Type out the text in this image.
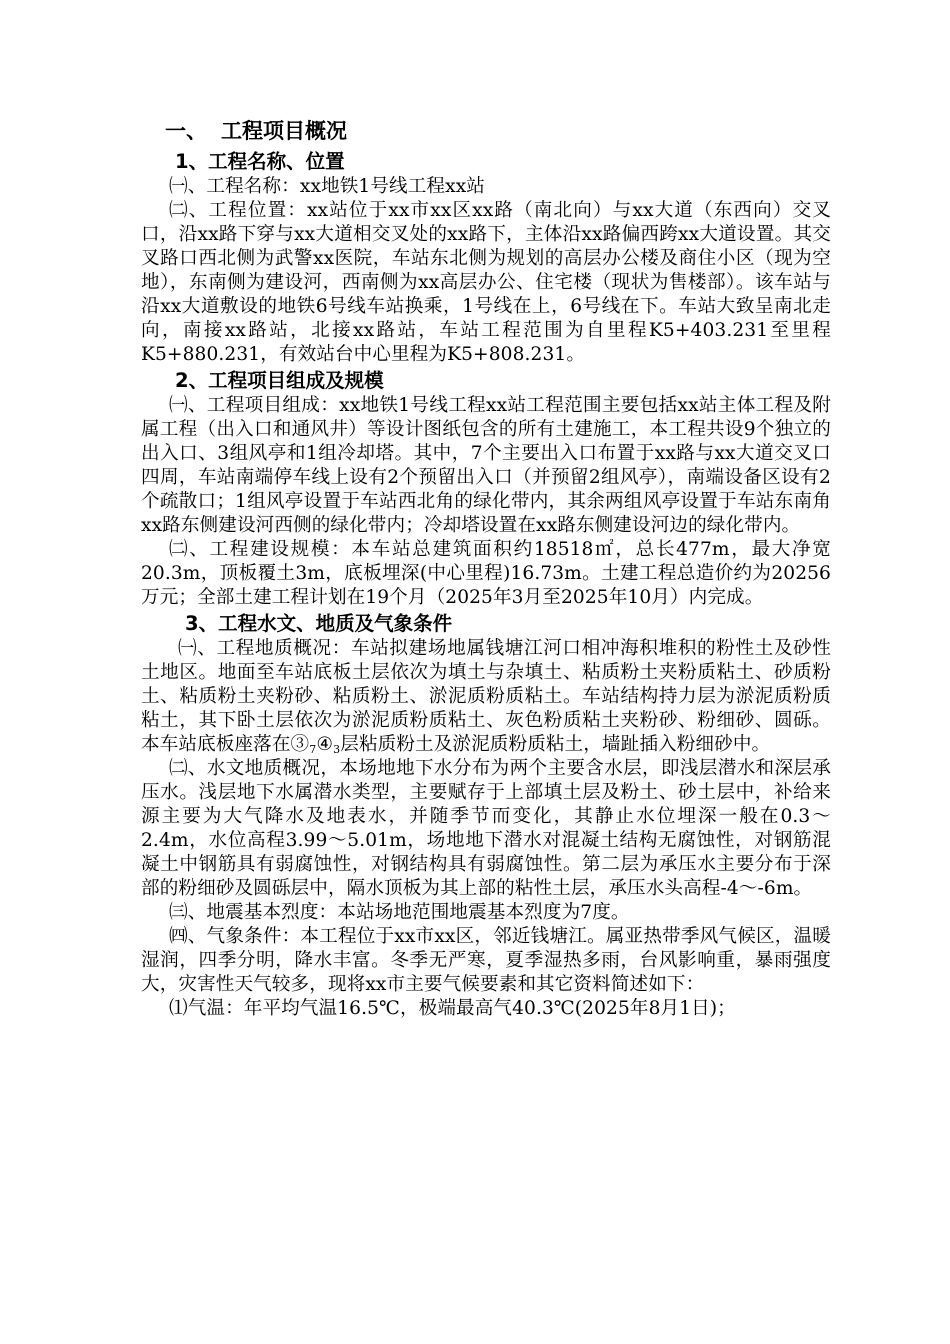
一、 工程项目概况
1、工程名称、位置

㈠、工程名称：xx地铁1号线工程xx站

㈡、工程位置：xx站位于xx市xx区xx路（南北向）与xx大道（东西向）交叉口，沿xx路下穿与xx大道相交叉处的xx路下，主体沿xx路偏西跨xx大道设置。其交叉路口西北侧为武警xx医院，车站东北侧为规划的高层办公楼及商住小区（现为空地），东南侧为建设河，西南侧为xx高层办公、住宅楼（现状为售楼部）。该车站与沿xx大道敷设的地铁6号线车站换乘，1号线在上，6号线在下。车站大致呈南北走向，南接xx路站，北接xx路站，车站工程范围为自里程K5+403.231至里程K5+880.231，有效站台中心里程为K5+808.231。

2、工程项目组成及规模

㈠、工程项目组成：xx地铁1号线工程xx站工程范围主要包括xx站主体工程及附属工程（出入口和通风井）等设计图纸包含的所有土建施工，本工程共设9个独立的出入口、3组风亭和1组冷却塔。其中，7个主要出入口布置于xx路与xx大道交叉口四周，车站南端停车线上设有2个预留出入口（并预留2组风亭），南端设备区设有2个疏散口；1组风亭设置于车站西北角的绿化带内，其余两组风亭设置于车站东南角xx路东侧建设河西侧的绿化带内；冷却塔设置在xx路东侧建设河边的绿化带内。

㈡、工程建设规模：本车站总建筑面积约18518㎡，总长477m，最大净宽20.3m，顶板覆土3m，底板埋深(中心里程)16.73m。土建工程总造价约为20256万元；全部土建工程计划在19个月（2025年3月至2025年10月）内完成。

3、工程水文、地质及气象条件

㈠、工程地质概况：车站拟建场地属钱塘江河口相冲海积堆积的粉性土及砂性土地区。地面至车站底板土层依次为填土与杂填土、粘质粉土夹粉质粘土、砂质粉土、粘质粉土夹粉砂、粘质粉土、淤泥质粉质粘土。车站结构持力层为淤泥质粉质粘土，其下卧土层依次为淤泥质粉质粘土、灰色粉质粘土夹粉砂、粉细砂、圆砾。本车站底板座落在$③_7④_3$层粘质粉土及淤泥质粉质粘土，墙趾插入粉细砂中。

㈡、水文地质概况，本场地地下水分布为两个主要含水层，即浅层潜水和深层承压水。浅层地下水属潜水类型，主要赋存于上部填土层及粉土、砂土层中，补给来源主要为大气降水及地表水，并随季节而变化，其静止水位埋深一般在0.3～2.4m，水位高程3.99～5.01m，场地地下潜水对混凝土结构无腐蚀性，对钢筋混凝土中钢筋具有弱腐蚀性，对钢结构具有弱腐蚀性。第二层为承压水主要分布于深部的粉细砂及圆砾层中，隔水顶板为其上部的粘性土层，承压水头高程-4～-6m。

㈢、地震基本烈度：本站场地范围地震基本烈度为7度。

㈣、气象条件：本工程位于xx市xx区，邻近钱塘江。属亚热带季风气候区，温暖湿润，四季分明，降水丰富。冬季无严寒，夏季湿热多雨，台风影响重，暴雨强度大，灾害性天气较多，现将xx市主要气候要素和其它资料简述如下：

⑴气温：年平均气温16.5℃，极端最高气40.3℃(2025年8月1日)；
